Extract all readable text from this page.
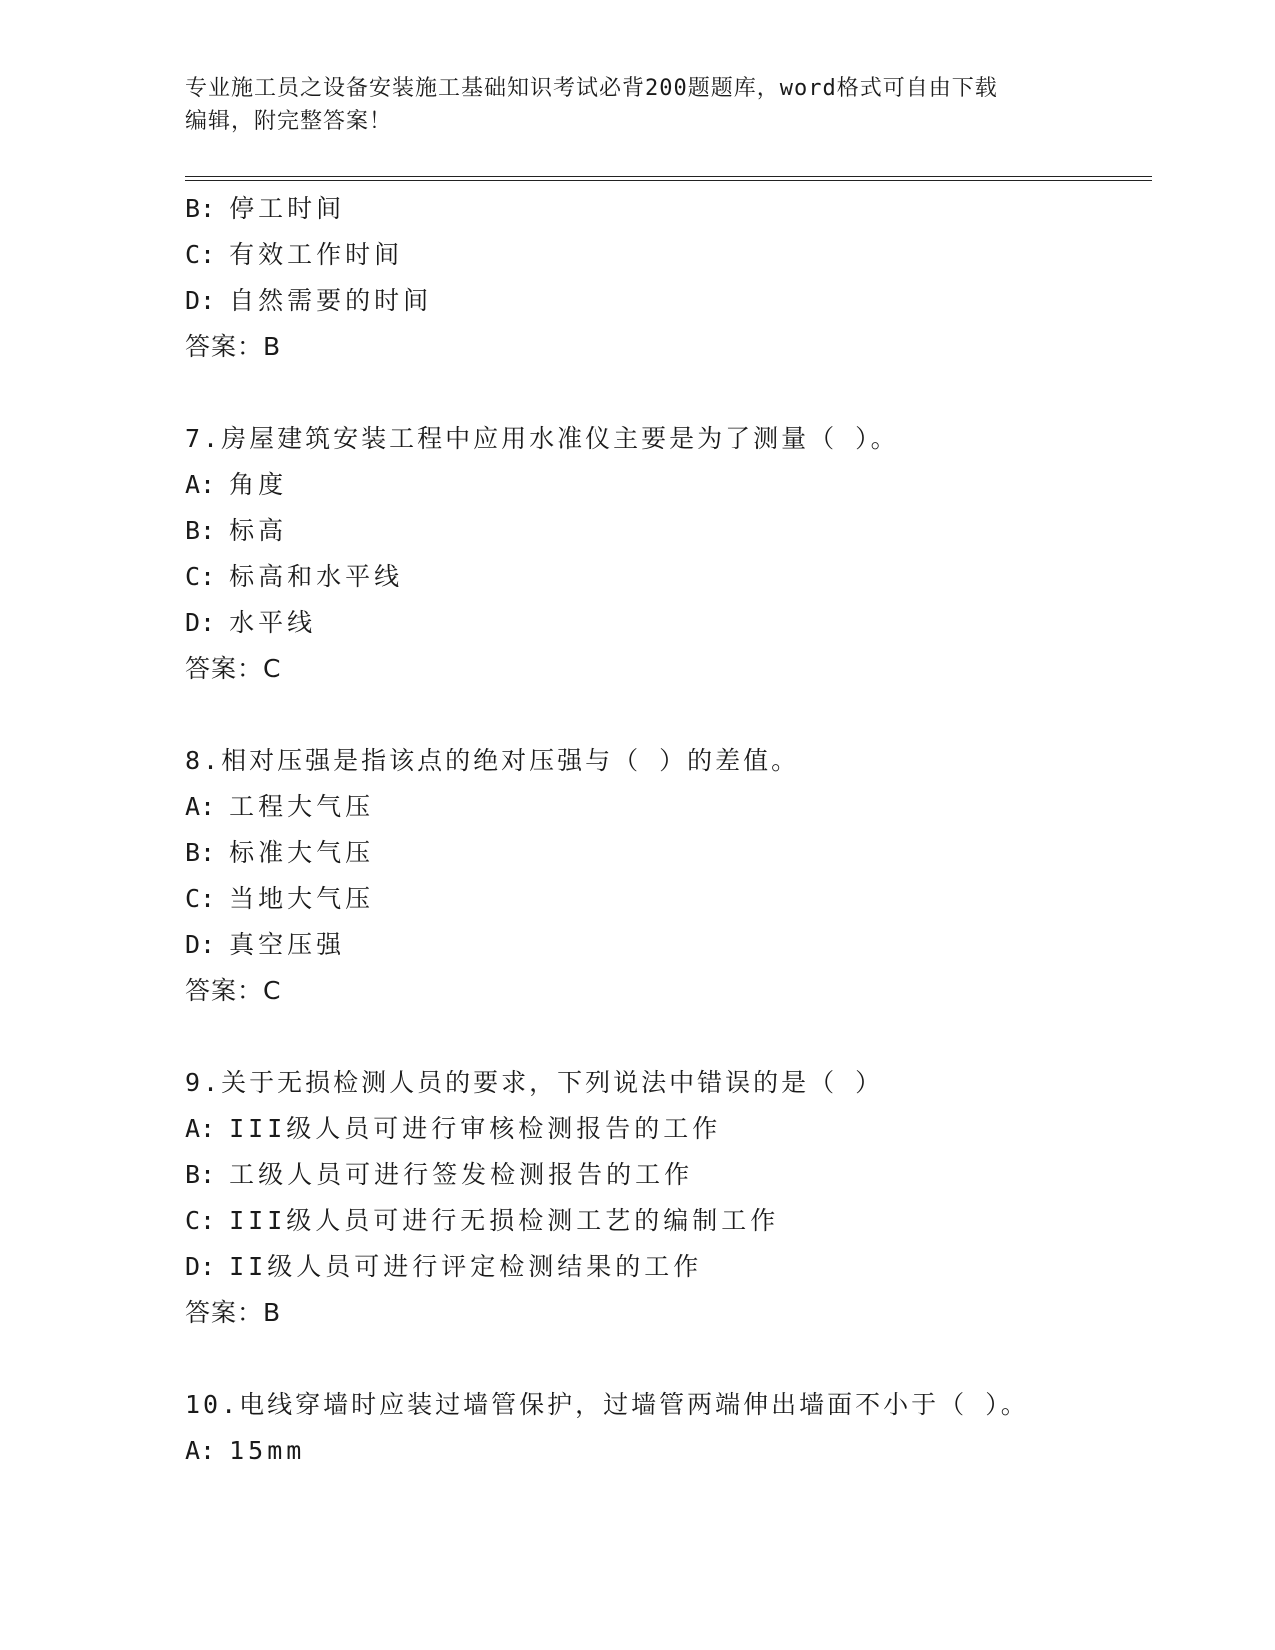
专业施工员之设备安装施工基础知识考试必背200题题库，word格式可自由下载
编辑，附完整答案！
B: 停工时间
C: 有效工作时间
D: 自然需要的时间
答案：B
7.房屋建筑安装工程中应用水准仪主要是为了测量（ ）。
A: 角度
B: 标高
C: 标高和水平线
D: 水平线
答案：C
8.相对压强是指该点的绝对压强与（ ）的差值。
A: 工程大气压
B: 标准大气压
C: 当地大气压
D: 真空压强
答案：C
9.关于无损检测人员的要求，下列说法中错误的是（ ）
A: III级人员可进行审核检测报告的工作
B: 工级人员可进行签发检测报告的工作
C: III级人员可进行无损检测工艺的编制工作
D: II级人员可进行评定检测结果的工作
答案：B
10.电线穿墙时应装过墙管保护，过墙管两端伸出墙面不小于（ ）。
A: 15mm
